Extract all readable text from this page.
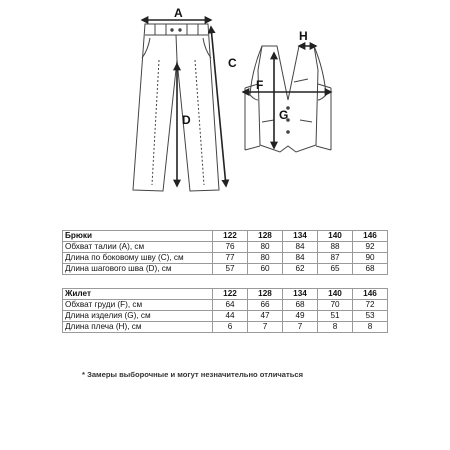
A
C
D
F
G
H
Брюки	122	128	134	140	146
Обхват талии (A), см	76	80	84	88	92
Длина по боковому шву (C), см	77	80	84	87	90
Длина шагового шва (D), см	57	60	62	65	68
Жилет	122	128	134	140	146
Обхват груди (F), см	64	66	68	70	72
Длина изделия (G), см	44	47	49	51	53
Длина плеча (H), см	6	7	7	8	8
* Замеры выборочные и могут незначительно отличаться
